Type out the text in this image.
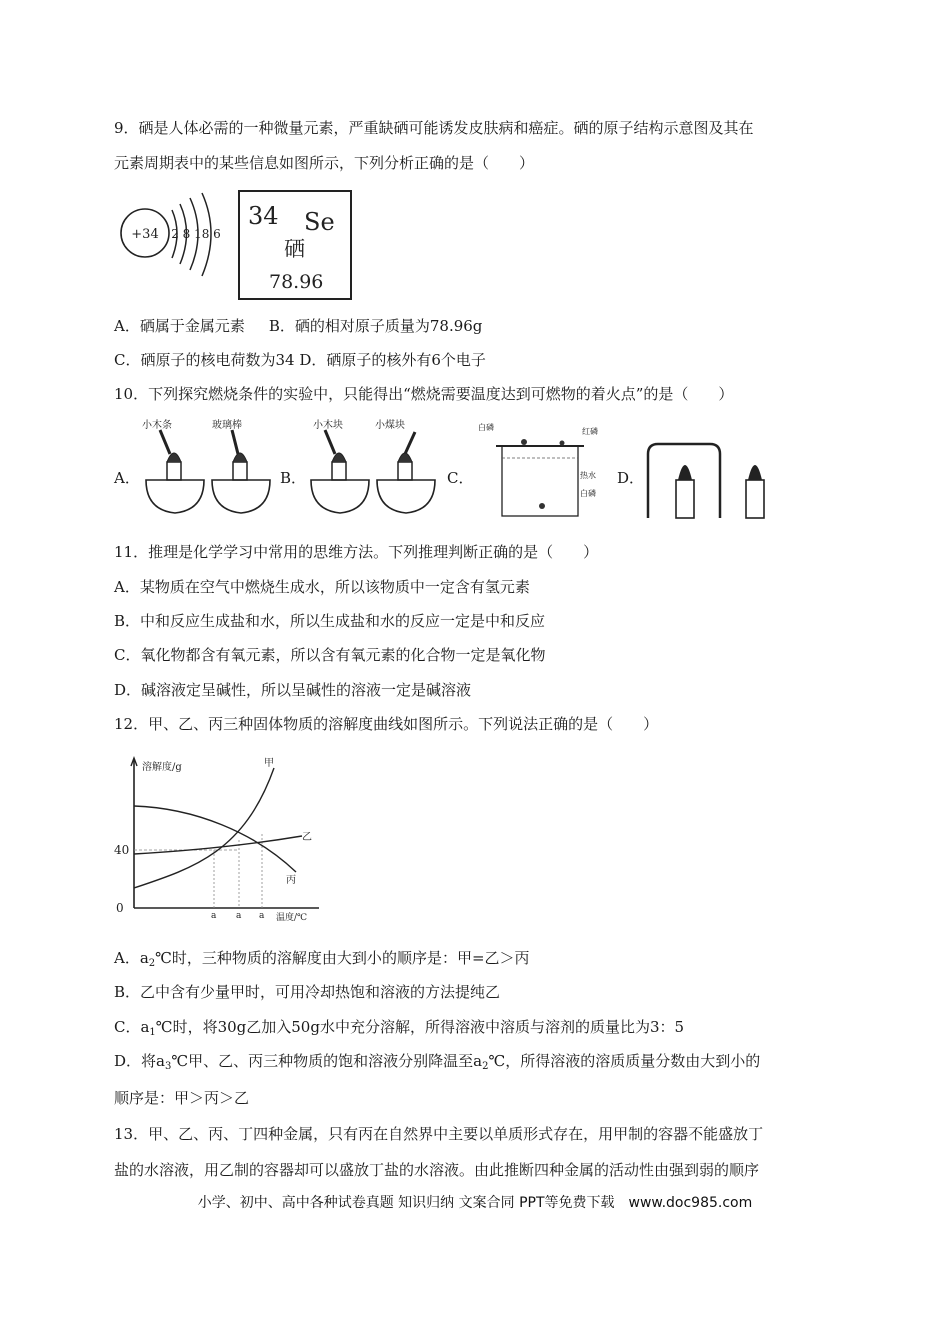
9．硒是人体必需的一种微量元素，严重缺硒可能诱发皮肤病和癌症。硒的原子结构示意图及其在
元素周期表中的某些信息如图所示，下列分析正确的是（　　）
+34 2 8 18 6
34 Se
硒
78.96
A．硒属于金属元素 B．硒的相对原子质量为78.96g
C．硒原子的核电荷数为34 D．硒原子的核外有6个电子
10．下列探究燃烧条件的实验中，只能得出“燃烧需要温度达到可燃物的着火点”的是（　　）
A．
小木条	玻璃棒
B．
小木块	小煤块
C．
白磷	红磷
热水
白磷
D．
11．推理是化学学习中常用的思维方法。下列推理判断正确的是（　　）
A．某物质在空气中燃烧生成水，所以该物质中一定含有氢元素
B．中和反应生成盐和水，所以生成盐和水的反应一定是中和反应
C．氧化物都含有氧元素，所以含有氧元素的化合物一定是氧化物
D．碱溶液定呈碱性，所以呈碱性的溶液一定是碱溶液
12．甲、乙、丙三种固体物质的溶解度曲线如图所示。下列说法正确的是（　　）
溶解度/g
温度/℃
0
40
a a a
甲
乙
丙
A．$a_2℃$时，三种物质的溶解度由大到小的顺序是：甲=乙＞丙
B．乙中含有少量甲时，可用冷却热饱和溶液的方法提纯乙
C．$a_1℃$时，将30g乙加入50g水中充分溶解，所得溶液中溶质与溶剂的质量比为3：5
D．将$a_3℃$甲、乙、丙三种物质的饱和溶液分别降温至$a_2℃$，所得溶液的溶质质量分数由大到小的
顺序是：甲＞丙＞乙
13．甲、乙、丙、丁四种金属，只有丙在自然界中主要以单质形式存在，用甲制的容器不能盛放丁
盐的水溶液，用乙制的容器却可以盛放丁盐的水溶液。由此推断四种金属的活动性由强到弱的顺序
小学、初中、高中各种试卷真题 知识归纳 文案合同 PPT等免费下载　www.doc985.com
